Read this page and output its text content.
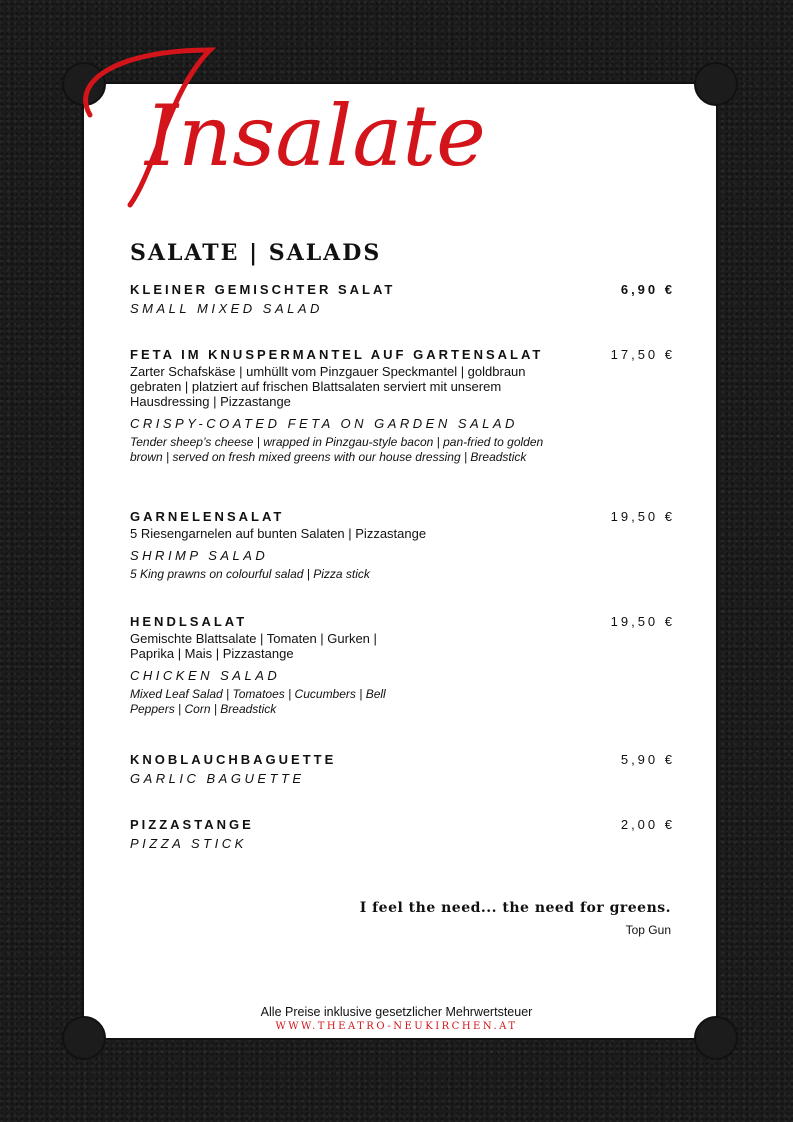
Insalate
SALATE | SALADS
KLEINER GEMISCHTER SALAT	6,90 €
SMALL MIXED SALAD
FETA IM KNUSPERMANTEL AUF GARTENSALAT	17,50 €
Zarter Schafskäse | umhüllt vom Pinzgauer Speckmantel | goldbraun gebraten | platziert auf frischen Blattsalaten serviert mit unserem Hausdressing | Pizzastange
CRISPY-COATED FETA ON GARDEN SALAD
Tender sheep’s cheese | wrapped in Pinzgau-style bacon | pan-fried to golden brown | served on fresh mixed greens with our house dressing | Breadstick
GARNELENSALAT	19,50 €
5 Riesengarnelen auf bunten Salaten | Pizzastange
SHRIMP SALAD
5 King prawns on colourful salad | Pizza stick
HENDLSALAT	19,50 €
Gemischte Blattsalate | Tomaten | Gurken | Paprika | Mais | Pizzastange
CHICKEN SALAD
Mixed Leaf Salad | Tomatoes | Cucumbers | Bell Peppers | Corn | Breadstick
KNOBLAUCHBAGUETTE	5,90 €
GARLIC BAGUETTE
PIZZASTANGE	2,00 €
PIZZA STICK
I feel the need... the need for greens.
Top Gun
Alle Preise inklusive gesetzlicher Mehrwertsteuer
WWW.THEATRO-NEUKIRCHEN.AT
